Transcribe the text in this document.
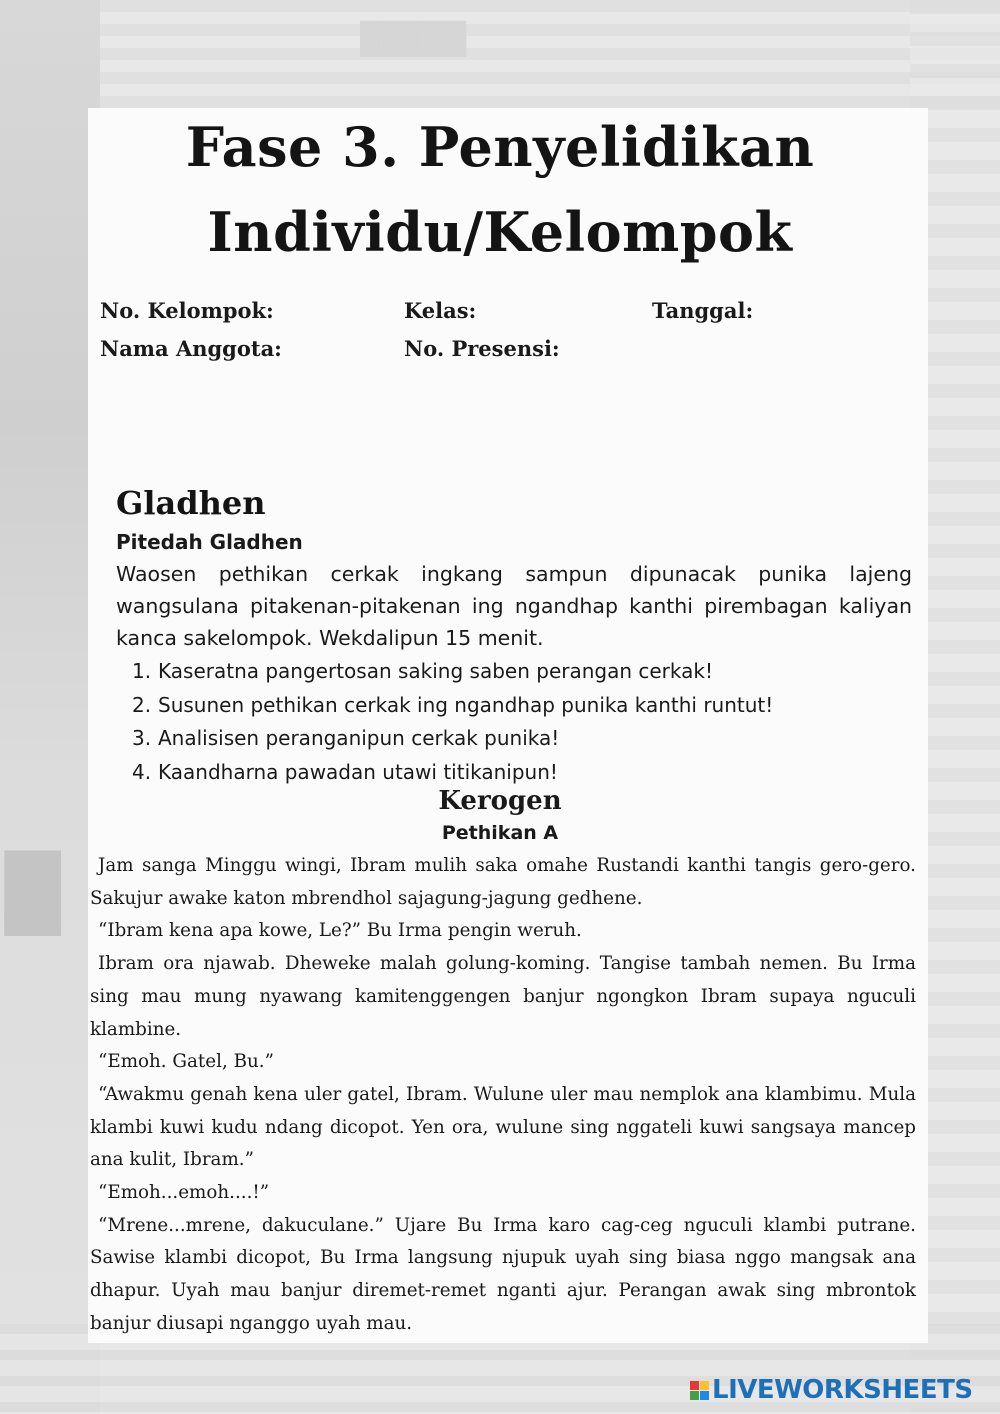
█████
█
Fase 3. Penyelidikan
Individu/Kelompok
No. Kelompok:	Kelas:	Tanggal:
Nama Anggota:	No. Presensi:
Gladhen
Pitedah Gladhen
Waosen pethikan cerkak ingkang sampun dipunacak punika lajeng wangsulana pitakenan-pitakenan ing ngandhap kanthi pirembagan kaliyan kanca sakelompok. Wekdalipun 15 menit.
1. Kaseratna pangertosan saking saben perangan cerkak!
2. Susunen pethikan cerkak ing ngandhap punika kanthi runtut!
3. Analisisen peranganipun cerkak punika!
4. Kaandharna pawadan utawi titikanipun!
Kerogen
Pethikan A

Jam sanga Minggu wingi, Ibram mulih saka omahe Rustandi kanthi tangis gero-gero. Sakujur awake katon mbrendhol sajagung-jagung gedhene.

“Ibram kena apa kowe, Le?” Bu Irma pengin weruh.

Ibram ora njawab. Dheweke malah golung-koming. Tangise tambah nemen. Bu Irma sing mau mung nyawang kamitenggengen banjur ngongkon Ibram supaya nguculi klambine.

“Emoh. Gatel, Bu.”

“Awakmu genah kena uler gatel, Ibram. Wulune uler mau nemplok ana klambimu. Mula klambi kuwi kudu ndang dicopot. Yen ora, wulune sing nggateli kuwi sangsaya mancep ana kulit, Ibram.”

“Emoh...emoh....!”

“Mrene...mrene, dakuculane.” Ujare Bu Irma karo cag-ceg nguculi klambi putrane. Sawise klambi dicopot, Bu Irma langsung njupuk uyah sing biasa nggo mangsak ana dhapur. Uyah mau banjur diremet-remet nganti ajur. Perangan awak sing mbrontok banjur diusapi nganggo uyah mau.

LIVEWORKSHEETS
